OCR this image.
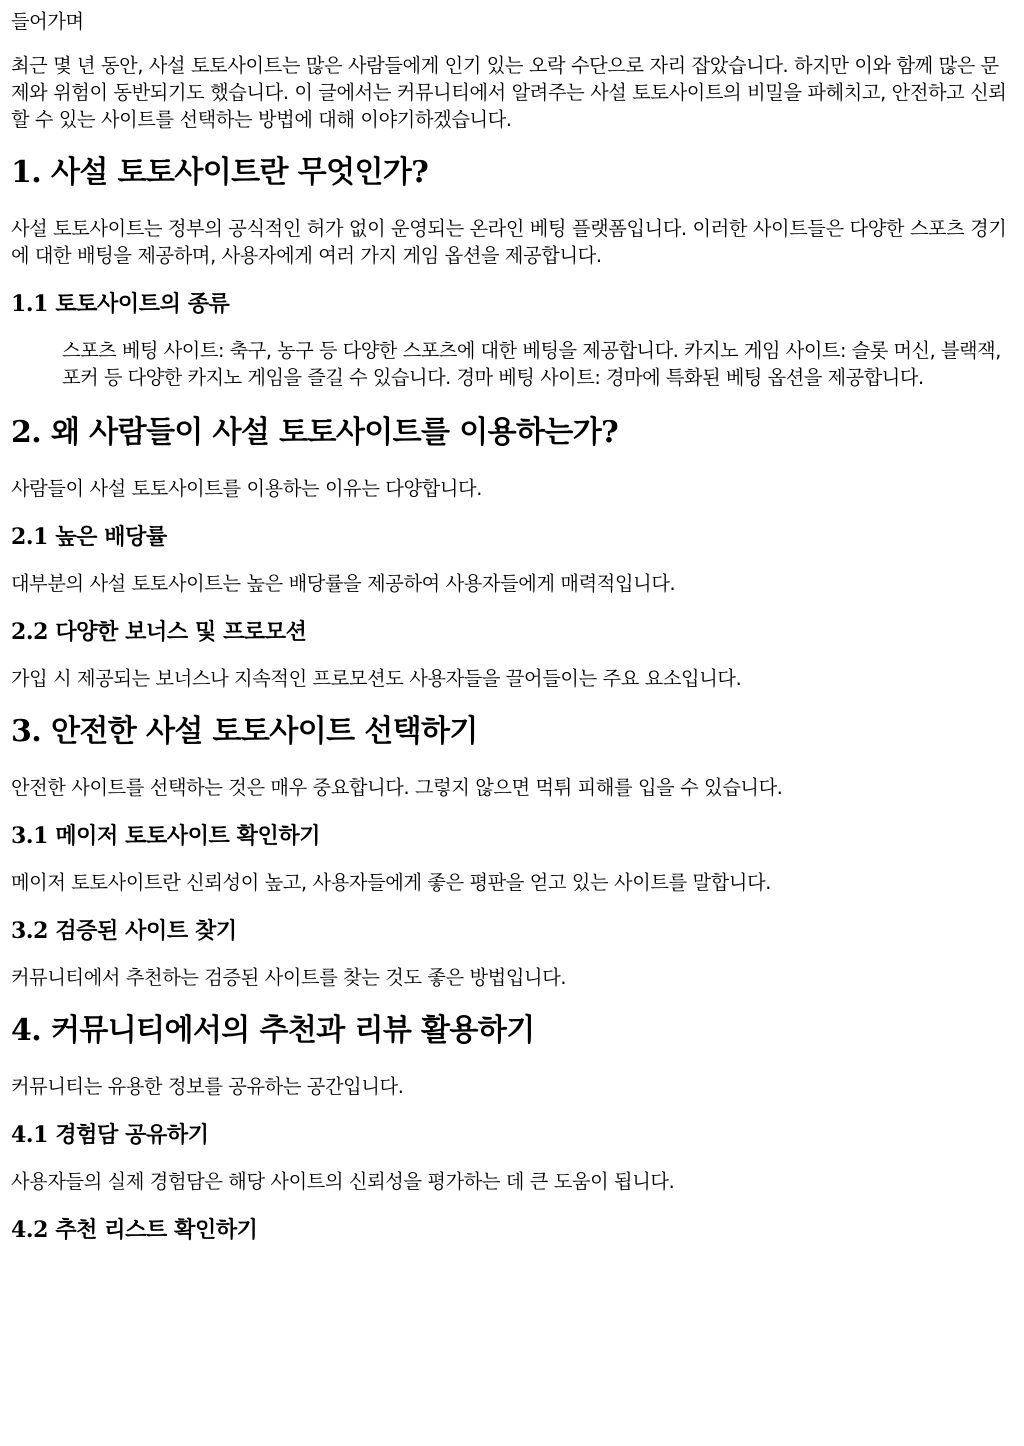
들어가며

최근 몇 년 동안, 사설 토토사이트는 많은 사람들에게 인기 있는 오락 수단으로 자리 잡았습니다. 하지만 이와 함께 많은 문제와 위험이 동반되기도 했습니다. 이 글에서는 커뮤니티에서 알려주는 사설 토토사이트의 비밀을 파헤치고, 안전하고 신뢰할 수 있는 사이트를 선택하는 방법에 대해 이야기하겠습니다.

1. 사설 토토사이트란 무엇인가?

사설 토토사이트는 정부의 공식적인 허가 없이 운영되는 온라인 베팅 플랫폼입니다. 이러한 사이트들은 다양한 스포츠 경기에 대한 배팅을 제공하며, 사용자에게 여러 가지 게임 옵션을 제공합니다.

1.1 토토사이트의 종류

스포츠 베팅 사이트: 축구, 농구 등 다양한 스포츠에 대한 베팅을 제공합니다. 카지노 게임 사이트: 슬롯 머신, 블랙잭, 포커 등 다양한 카지노 게임을 즐길 수 있습니다. 경마 베팅 사이트: 경마에 특화된 베팅 옵션을 제공합니다.

2. 왜 사람들이 사설 토토사이트를 이용하는가?

사람들이 사설 토토사이트를 이용하는 이유는 다양합니다.

2.1 높은 배당률

대부분의 사설 토토사이트는 높은 배당률을 제공하여 사용자들에게 매력적입니다.

2.2 다양한 보너스 및 프로모션

가입 시 제공되는 보너스나 지속적인 프로모션도 사용자들을 끌어들이는 주요 요소입니다.

3. 안전한 사설 토토사이트 선택하기

안전한 사이트를 선택하는 것은 매우 중요합니다. 그렇지 않으면 먹튀 피해를 입을 수 있습니다.

3.1 메이저 토토사이트 확인하기

메이저 토토사이트란 신뢰성이 높고, 사용자들에게 좋은 평판을 얻고 있는 사이트를 말합니다.

3.2 검증된 사이트 찾기

커뮤니티에서 추천하는 검증된 사이트를 찾는 것도 좋은 방법입니다.

4. 커뮤니티에서의 추천과 리뷰 활용하기

커뮤니티는 유용한 정보를 공유하는 공간입니다.

4.1 경험담 공유하기

사용자들의 실제 경험담은 해당 사이트의 신뢰성을 평가하는 데 큰 도움이 됩니다.

4.2 추천 리스트 확인하기
